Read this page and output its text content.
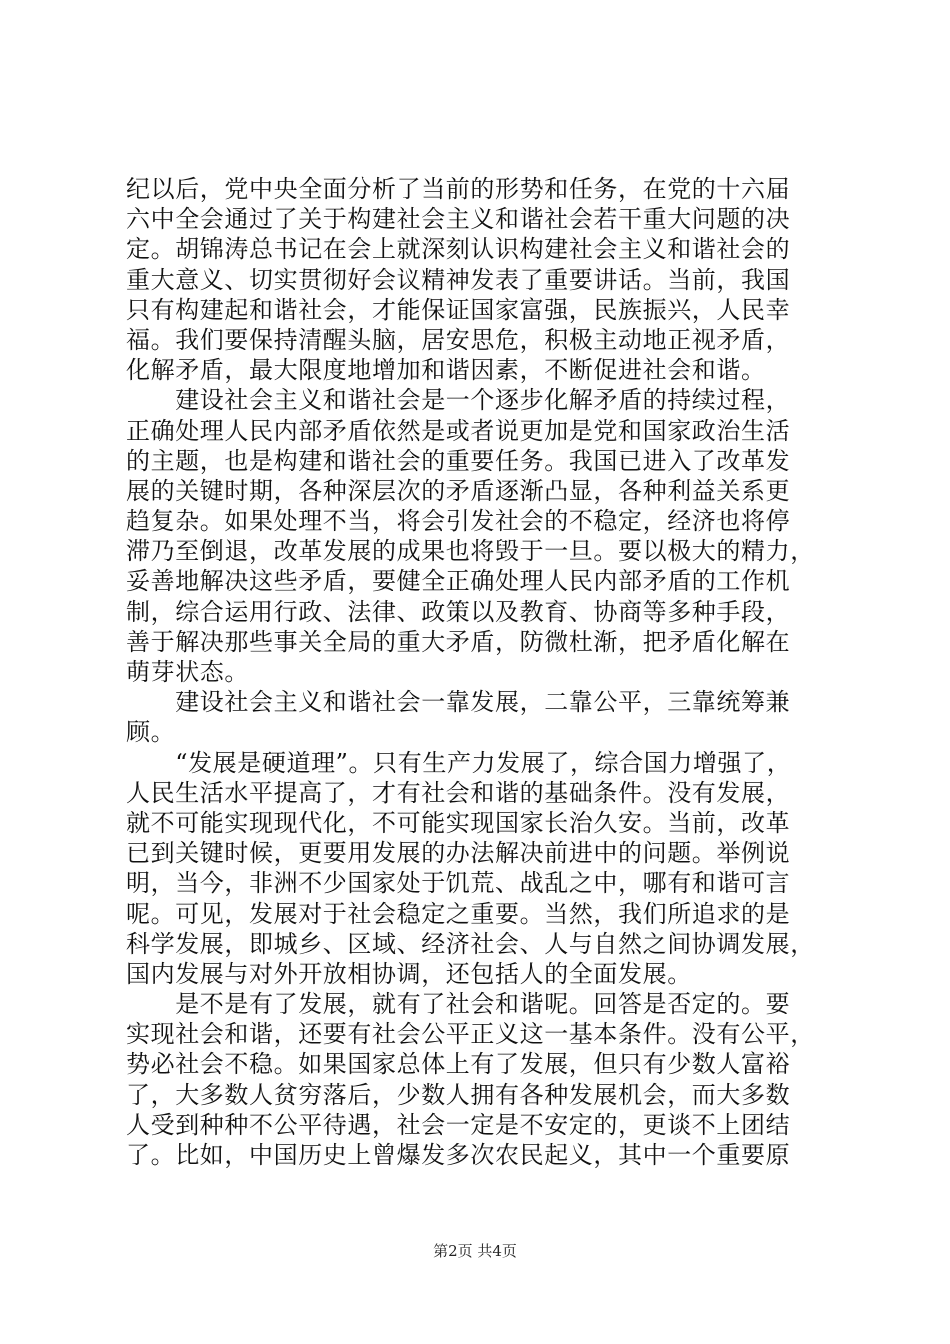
纪以后，党中央全面分析了当前的形势和任务，在党的十六届
六中全会通过了关于构建社会主义和谐社会若干重大问题的决
定。胡锦涛总书记在会上就深刻认识构建社会主义和谐社会的
重大意义、切实贯彻好会议精神发表了重要讲话。当前，我国
只有构建起和谐社会，才能保证国家富强，民族振兴，人民幸
福。我们要保持清醒头脑，居安思危，积极主动地正视矛盾，
化解矛盾，最大限度地增加和谐因素，不断促进社会和谐。
　　建设社会主义和谐社会是一个逐步化解矛盾的持续过程，
正确处理人民内部矛盾依然是或者说更加是党和国家政治生活
的主题，也是构建和谐社会的重要任务。我国已进入了改革发
展的关键时期，各种深层次的矛盾逐渐凸显，各种利益关系更
趋复杂。如果处理不当，将会引发社会的不稳定，经济也将停
滞乃至倒退，改革发展的成果也将毁于一旦。要以极大的精力，
妥善地解决这些矛盾，要健全正确处理人民内部矛盾的工作机
制，综合运用行政、法律、政策以及教育、协商等多种手段，
善于解决那些事关全局的重大矛盾，防微杜渐，把矛盾化解在
萌芽状态。
　　建设社会主义和谐社会一靠发展，二靠公平，三靠统筹兼
顾。
　　“发展是硬道理”。只有生产力发展了，综合国力增强了，
人民生活水平提高了，才有社会和谐的基础条件。没有发展，
就不可能实现现代化，不可能实现国家长治久安。当前，改革
已到关键时候，更要用发展的办法解决前进中的问题。举例说
明，当今，非洲不少国家处于饥荒、战乱之中，哪有和谐可言
呢。可见，发展对于社会稳定之重要。当然，我们所追求的是
科学发展，即城乡、区域、经济社会、人与自然之间协调发展，
国内发展与对外开放相协调，还包括人的全面发展。
　　是不是有了发展，就有了社会和谐呢。回答是否定的。要
实现社会和谐，还要有社会公平正义这一基本条件。没有公平，
势必社会不稳。如果国家总体上有了发展，但只有少数人富裕
了，大多数人贫穷落后，少数人拥有各种发展机会，而大多数
人受到种种不公平待遇，社会一定是不安定的，更谈不上团结
了。比如，中国历史上曾爆发多次农民起义，其中一个重要原
第2页 共4页
